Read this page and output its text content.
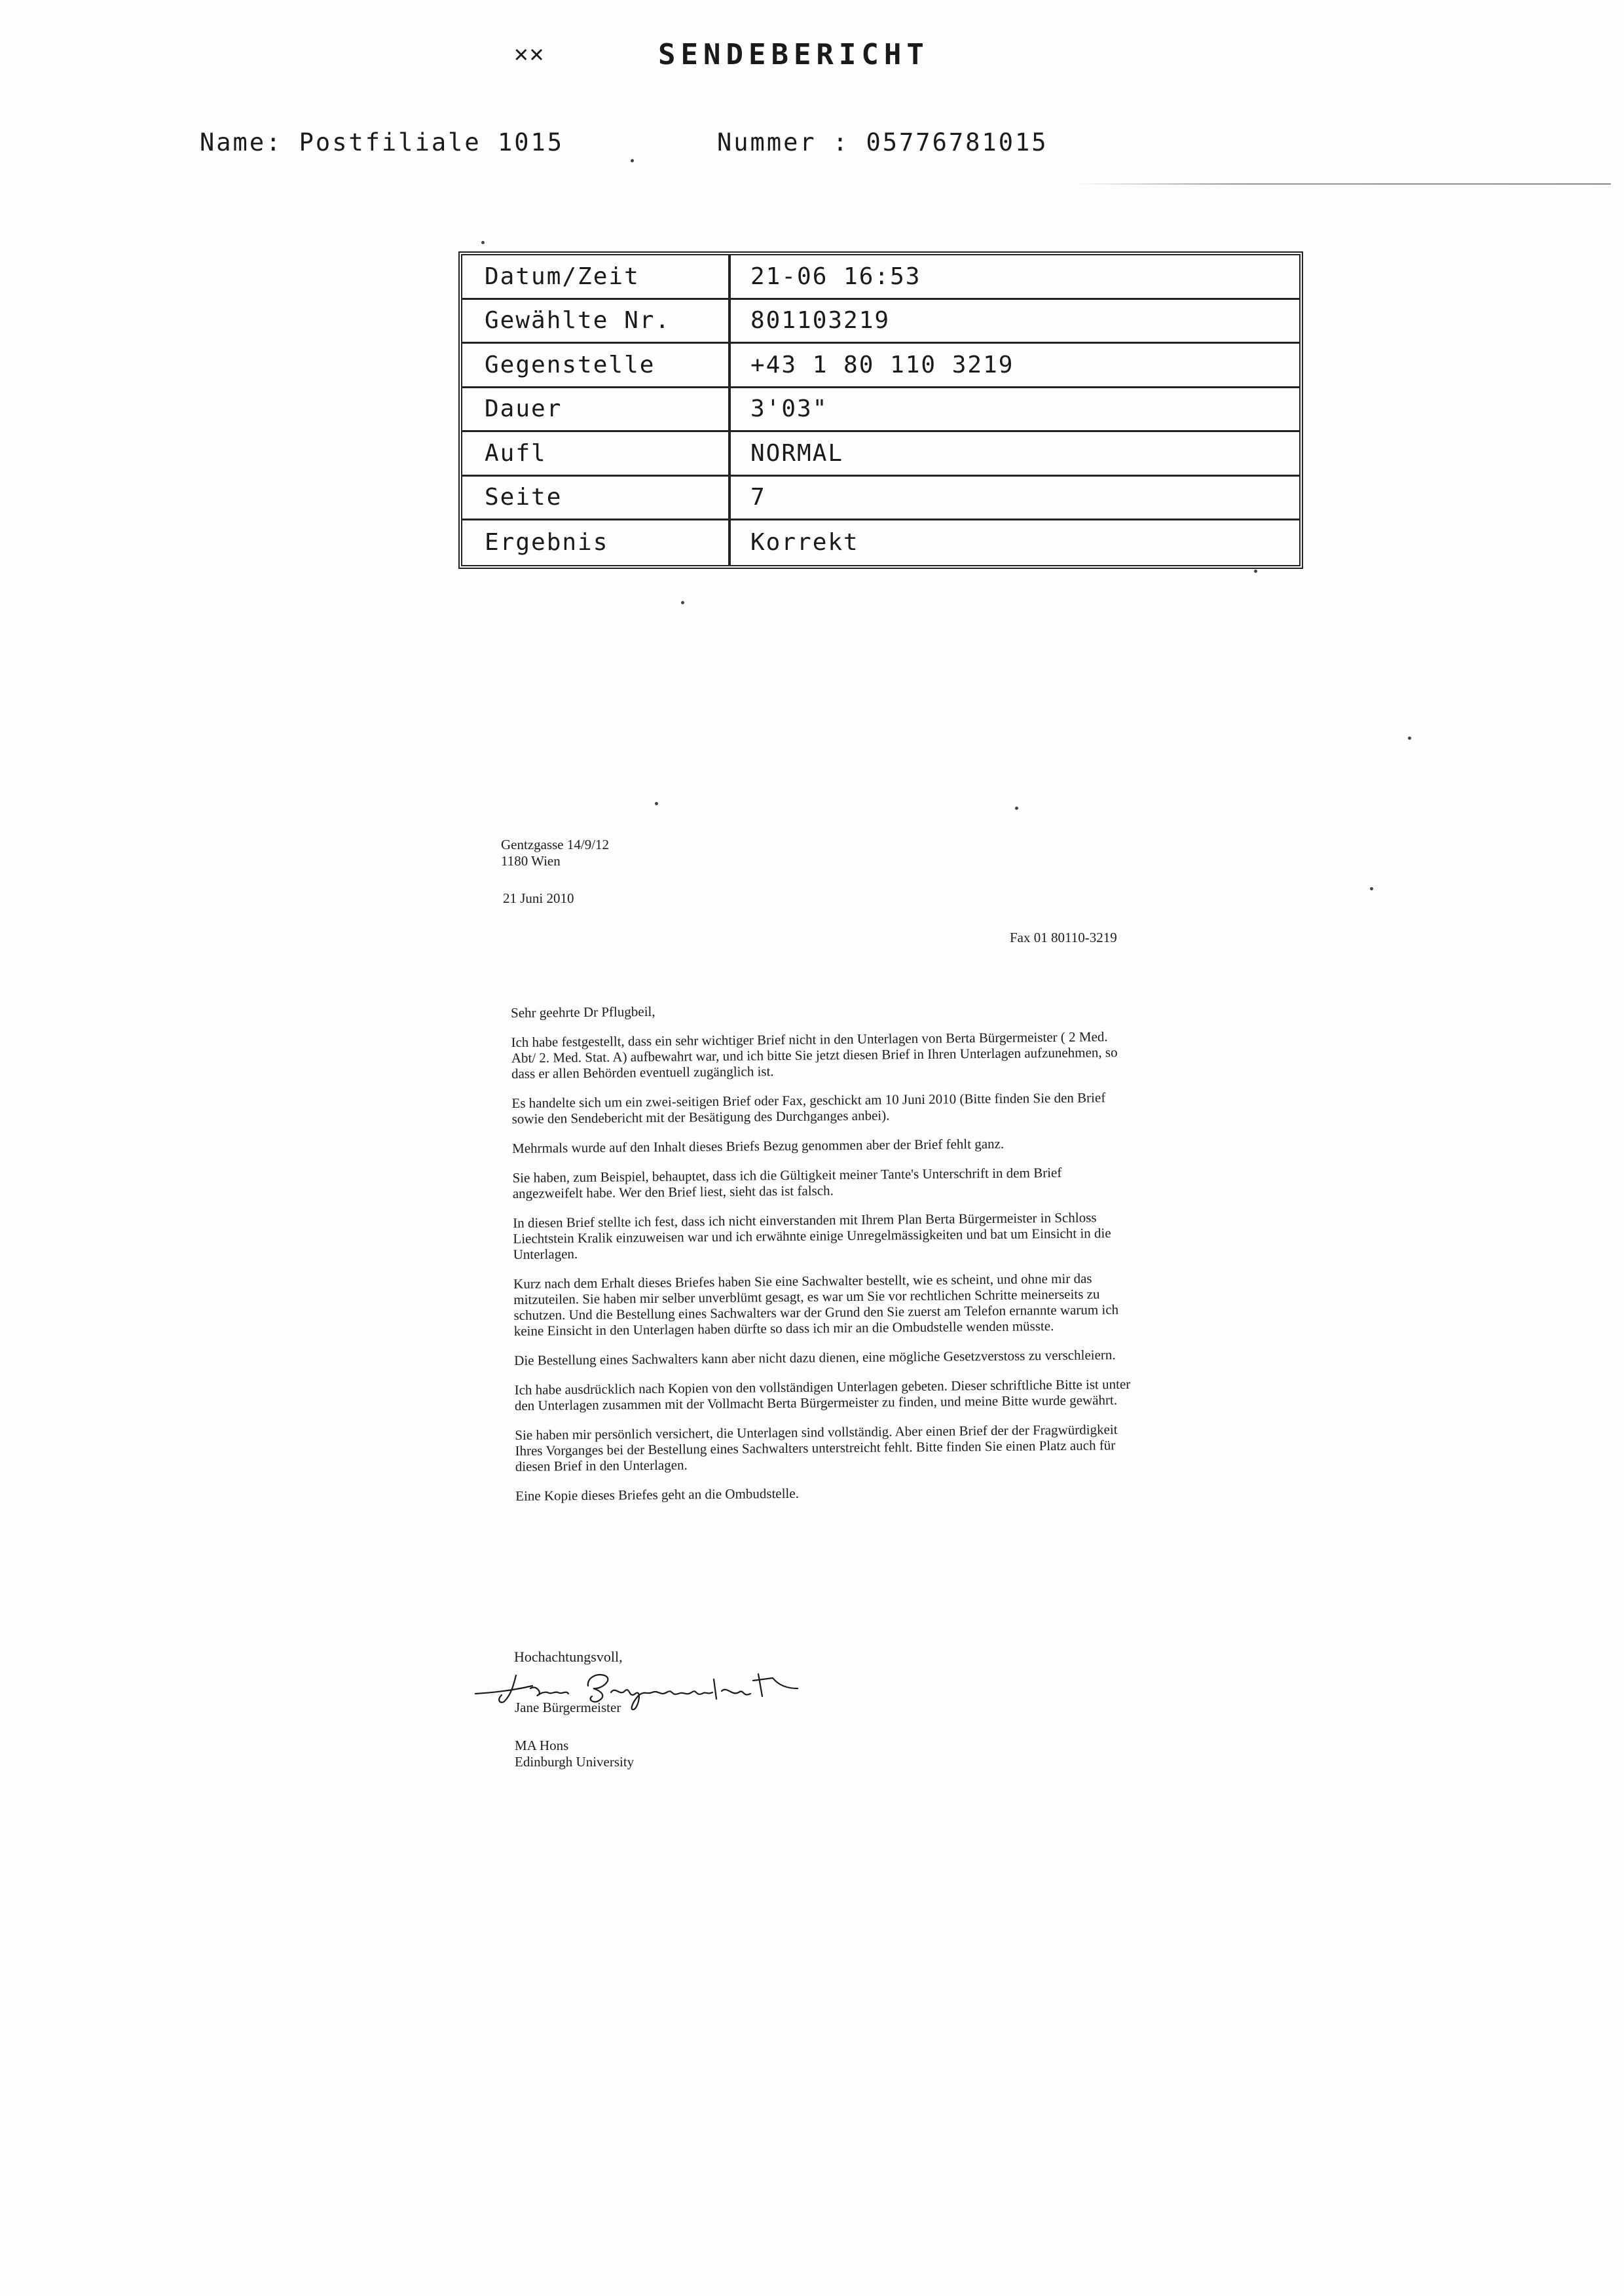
✕✕	SENDEBERICHT
Name: Postfiliale 1015	Nummer : 05776781015
Datum/Zeit	21-06 16:53
Gewählte Nr.	801103219
Gegenstelle	+43 1 80 110 3219
Dauer	3'03"
Aufl	NORMAL
Seite	7
Ergebnis	Korrekt
Gentzgasse 14/9/12
1180 Wien
21 Juni 2010
Fax 01 80110-3219

Sehr geehrte Dr Pflugbeil,

Ich habe festgestellt, dass ein sehr wichtiger Brief nicht in den Unterlagen von Berta Bürgermeister ( 2 Med. Abt/ 2. Med. Stat. A) aufbewahrt war, und ich bitte Sie jetzt diesen Brief in Ihren Unterlagen aufzunehmen, so dass er allen Behörden eventuell zugänglich ist.

Es handelte sich um ein zwei-seitigen Brief oder Fax, geschickt am 10 Juni 2010 (Bitte finden Sie den Brief sowie den Sendebericht mit der Besätigung des Durchganges anbei).

Mehrmals wurde auf den Inhalt dieses Briefs Bezug genommen aber der Brief fehlt ganz.

Sie haben, zum Beispiel, behauptet, dass ich die Gültigkeit meiner Tante's Unterschrift in dem Brief angezweifelt habe. Wer den Brief liest, sieht das ist falsch.

In diesen Brief stellte ich fest, dass ich nicht einverstanden mit Ihrem Plan Berta Bürgermeister in Schloss Liechtstein Kralik einzuweisen war und ich erwähnte einige Unregelmässigkeiten und bat um Einsicht in die Unterlagen.

Kurz nach dem Erhalt dieses Briefes haben Sie eine Sachwalter bestellt, wie es scheint, und ohne mir das mitzuteilen. Sie haben mir selber unverblümt gesagt, es war um Sie vor rechtlichen Schritte meinerseits zu schutzen. Und die Bestellung eines Sachwalters war der Grund den Sie zuerst am Telefon ernannte warum ich keine Einsicht in den Unterlagen haben dürfte so dass ich mir an die Ombudstelle wenden müsste.

Die Bestellung eines Sachwalters kann aber nicht dazu dienen, eine mögliche Gesetzverstoss zu verschleiern.

Ich habe ausdrücklich nach Kopien von den vollständigen Unterlagen gebeten. Dieser schriftliche Bitte ist unter den Unterlagen zusammen mit der Vollmacht Berta Bürgermeister zu finden, und meine Bitte wurde gewährt.

Sie haben mir persönlich versichert, die Unterlagen sind vollständig. Aber einen Brief der der Fragwürdigkeit Ihres Vorganges bei der Bestellung eines Sachwalters unterstreicht fehlt. Bitte finden Sie einen Platz auch für diesen Brief in den Unterlagen.

Eine Kopie dieses Briefes geht an die Ombudstelle.

Hochachtungsvoll,
Jane Bürgermeister
MA Hons
Edinburgh University
